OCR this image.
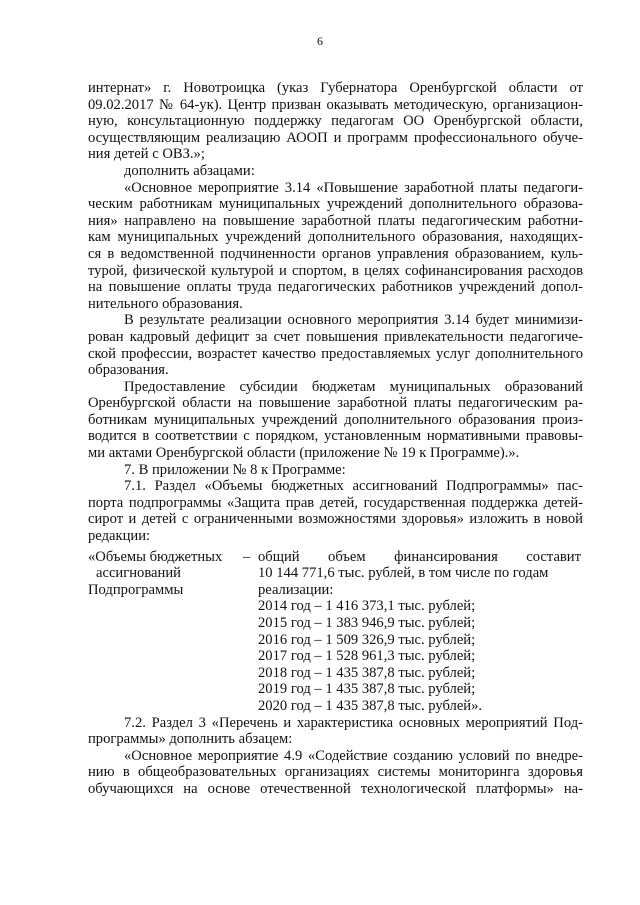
6
интернат» г. Новотроицка (указ Губернатора Оренбургской области от
09.02.2017 № 64-ук). Центр призван оказывать методическую, организацион-
ную, консультационную поддержку педагогам ОО Оренбургской области,
осуществляющим реализацию АООП и программ профессионального обуче-
ния детей с ОВЗ.»;
дополнить абзацами:
«Основное мероприятие 3.14 «Повышение заработной платы педагоги-
ческим работникам муниципальных учреждений дополнительного образова-
ния» направлено на повышение заработной платы педагогическим работни-
кам муниципальных учреждений дополнительного образования, находящих-
ся в ведомственной подчиненности органов управления образованием, куль-
турой, физической культурой и спортом, в целях софинансирования расходов
на повышение оплаты труда педагогических работников учреждений допол-
нительного образования.
В результате реализации основного мероприятия 3.14 будет минимизи-
рован кадровый дефицит за счет повышения привлекательности педагогиче-
ской профессии, возрастет качество предоставляемых услуг дополнительного
образования.
Предоставление субсидии бюджетам муниципальных образований
Оренбургской области на повышение заработной платы педагогическим ра-
ботникам муниципальных учреждений дополнительного образования произ-
водится в соответствии с порядком, установленным нормативными правовы-
ми актами Оренбургской области (приложение № 19 к Программе).».
7. В приложении № 8 к Программе:
7.1. Раздел «Объемы бюджетных ассигнований Подпрограммы» пас-
порта подпрограммы «Защита прав детей, государственная поддержка детей-
сирот и детей с ограниченными возможностями здоровья» изложить в новой
редакции:
«Объемы бюджетных
ассигнований
Подпрограммы
– общий объем финансирования составит
10 144 771,6 тыс. рублей, в том числе по годам
реализации:
2014 год – 1 416 373,1 тыс. рублей;
2015 год – 1 383 946,9 тыс. рублей;
2016 год – 1 509 326,9 тыс. рублей;
2017 год – 1 528 961,3 тыс. рублей;
2018 год – 1 435 387,8 тыс. рублей;
2019 год – 1 435 387,8 тыс. рублей;
2020 год – 1 435 387,8 тыс. рублей».
7.2. Раздел 3 «Перечень и характеристика основных мероприятий Под-
программы» дополнить абзацем:
«Основное мероприятие 4.9 «Содействие созданию условий по внедре-
нию в общеобразовательных организациях системы мониторинга здоровья
обучающихся на основе отечественной технологической платформы» на-
